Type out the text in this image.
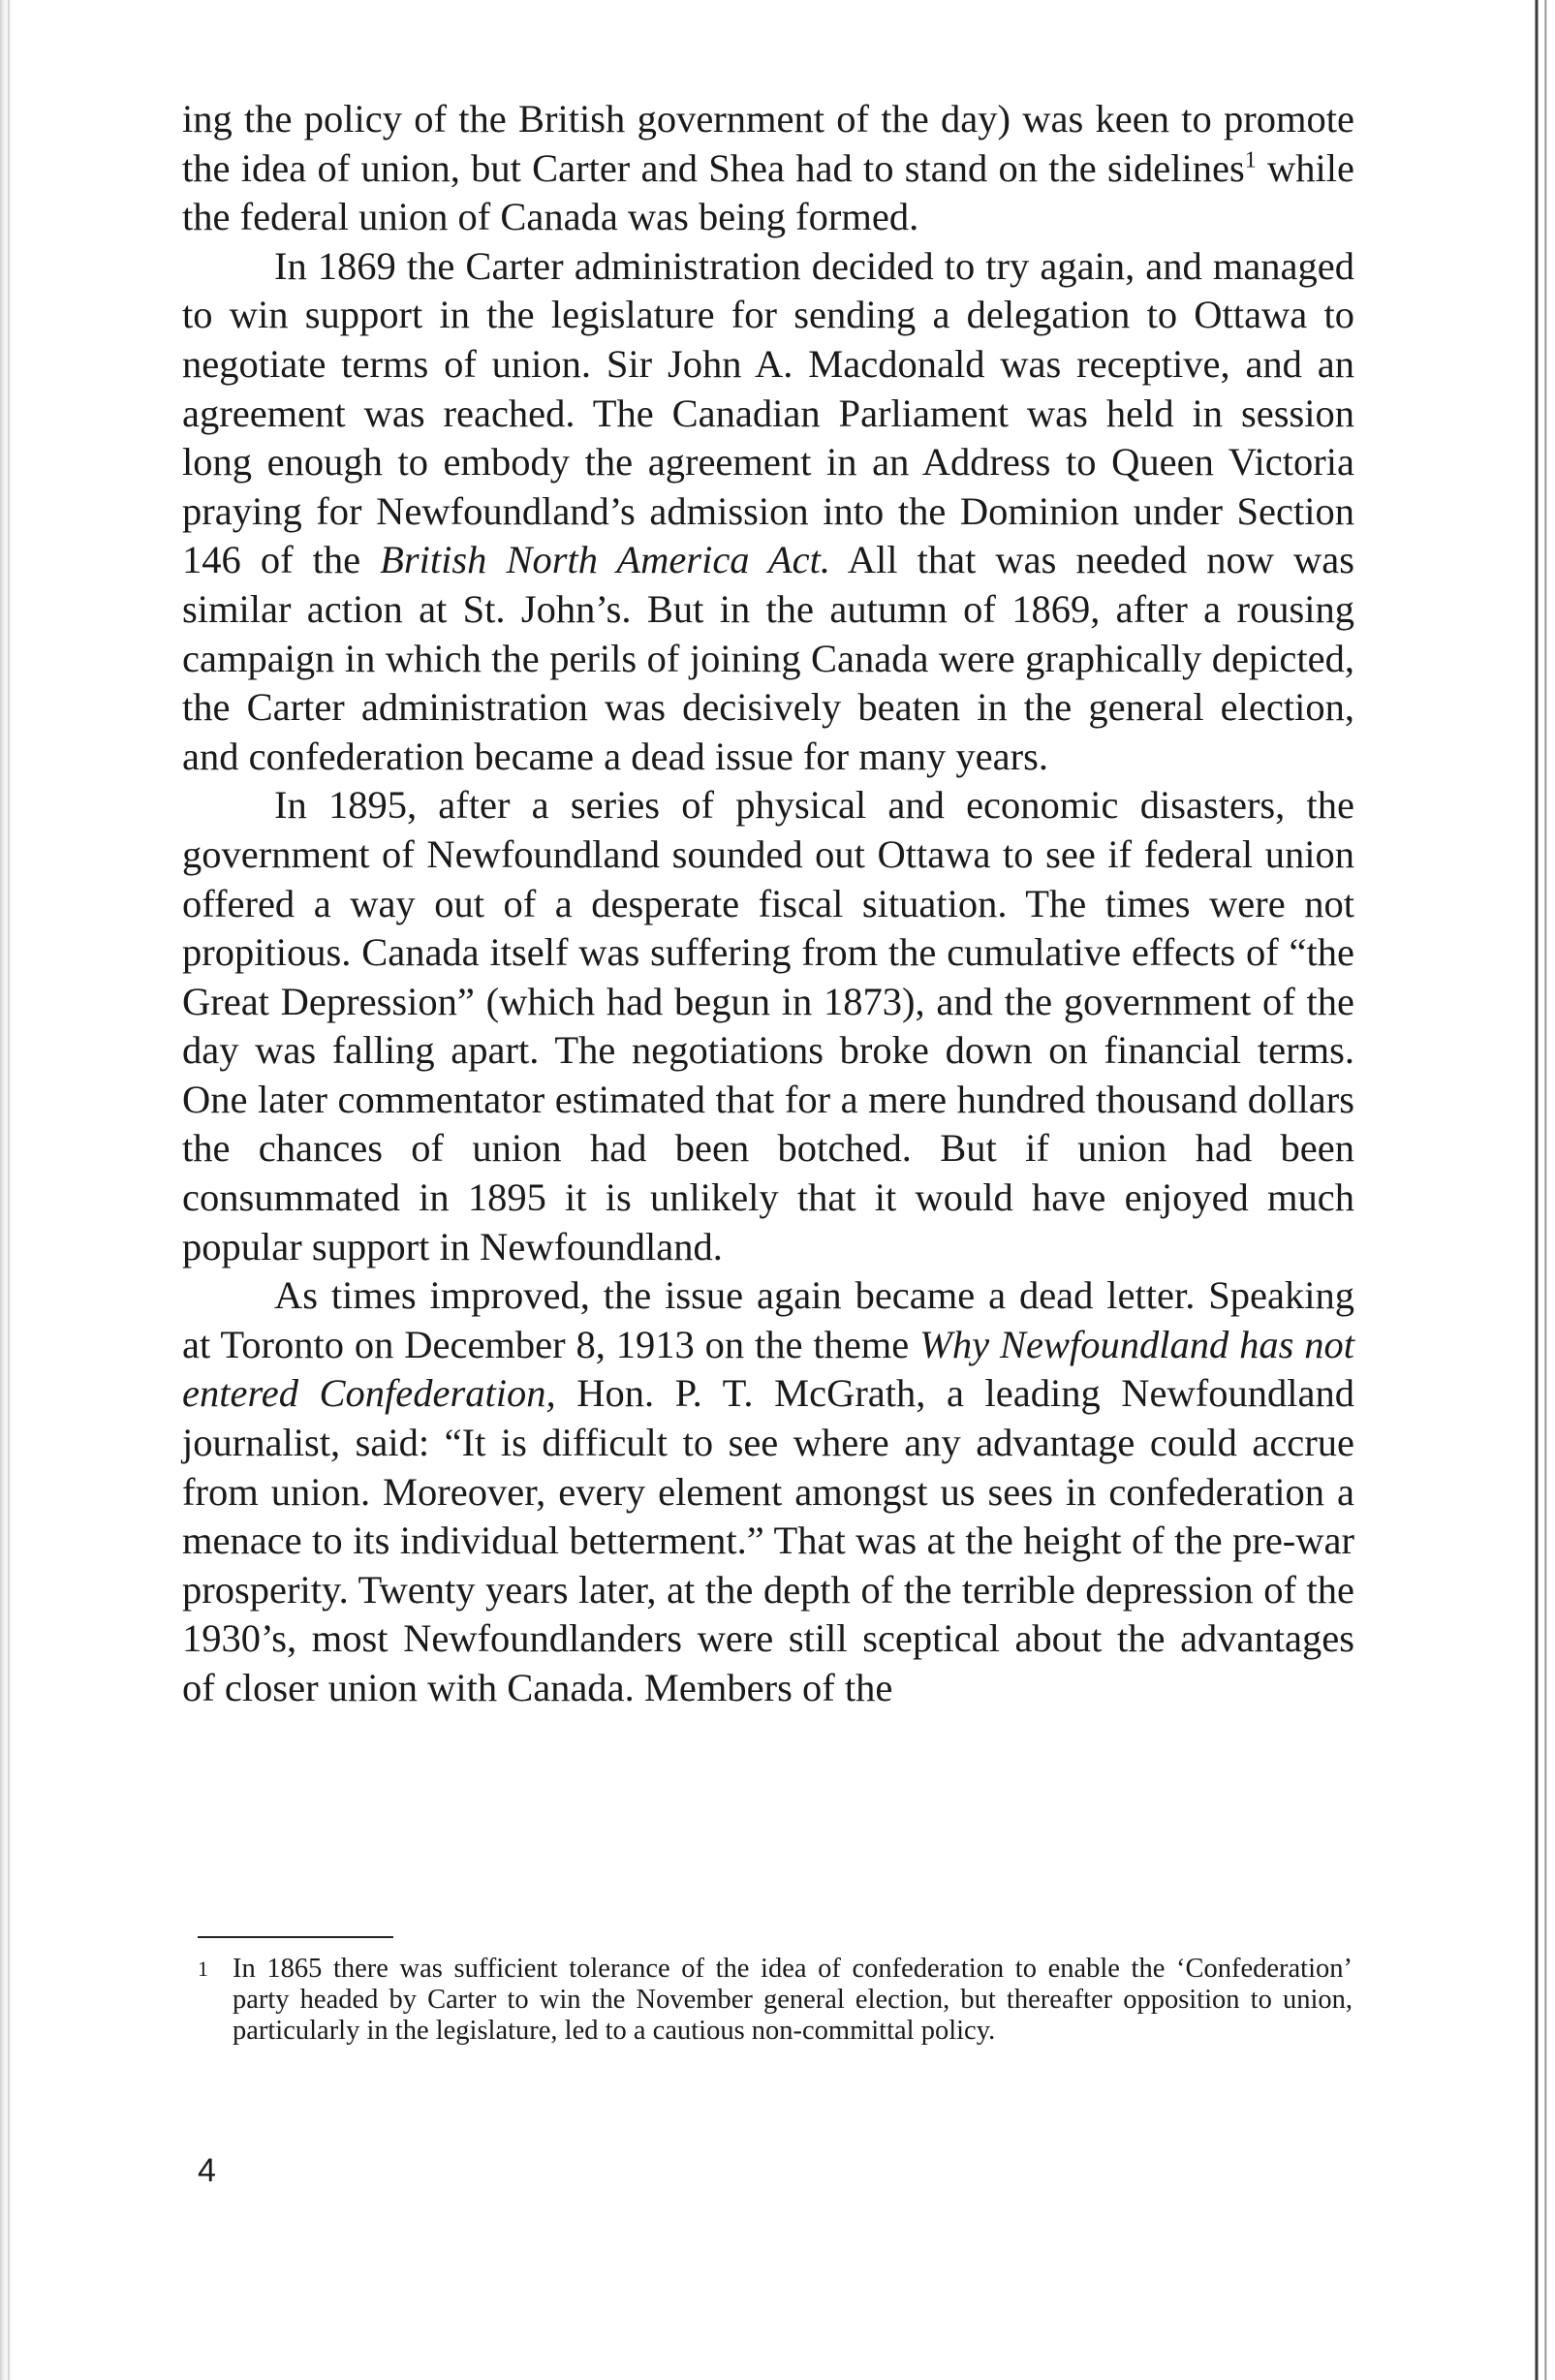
ing the policy of the British government of the day) was keen to promote the idea of union, but Carter and Shea had to stand on the sidelines$^1$ while the federal union of Canada was being formed.

In 1869 the Carter administration decided to try again, and managed to win support in the legislature for sending a delegation to Ottawa to negotiate terms of union. Sir John A. Macdonald was receptive, and an agreement was reached. The Canadian Parliament was held in session long enough to embody the agreement in an Address to Queen Victoria praying for Newfoundland’s admission into the Dominion under Section 146 of the British North America Act. All that was needed now was similar action at St. John’s. But in the autumn of 1869, after a rousing campaign in which the perils of joining Canada were graphically depicted, the Carter administration was decisively beaten in the general election, and confederation became a dead issue for many years.

In 1895, after a series of physical and economic disasters, the government of Newfoundland sounded out Ottawa to see if federal union offered a way out of a desperate fiscal situation. The times were not propitious. Canada itself was suffering from the cumulative effects of “the Great Depression” (which had begun in 1873), and the government of the day was falling apart. The negotiations broke down on financial terms. One later commentator estimated that for a mere hundred thousand dollars the chances of union had been botched. But if union had been consummated in 1895 it is unlikely that it would have enjoyed much popular support in Newfoundland.

As times improved, the issue again became a dead letter. Speaking at Toronto on December 8, 1913 on the theme Why Newfoundland has not entered Confederation, Hon. P. T. McGrath, a leading Newfoundland journalist, said: “It is difficult to see where any advantage could accrue from union. Moreover, every element amongst us sees in confederation a menace to its individual betterment.” That was at the height of the pre-war prosperity. Twenty years later, at the depth of the terrible depression of the 1930’s, most Newfoundlanders were still sceptical about the advantages of closer union with Canada. Members of the

1 In 1865 there was sufficient tolerance of the idea of confederation to enable the ‘Confederation’ party headed by Carter to win the November general election, but thereafter opposition to union, particularly in the legislature, led to a cautious non-committal policy.
4
